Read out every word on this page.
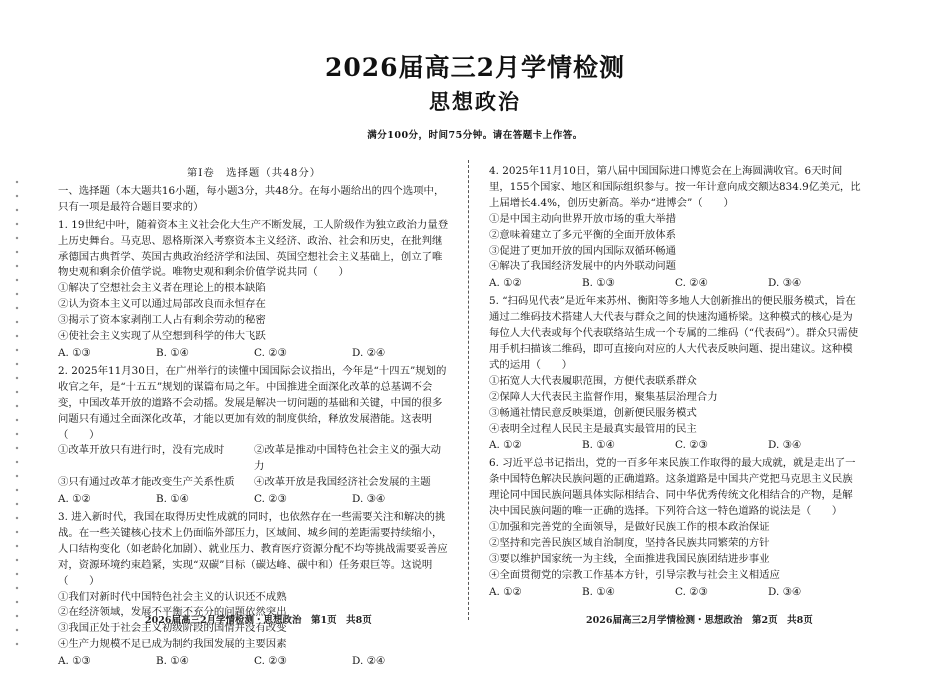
2026届高三2月学情检测
思想政治
满分100分，时间75分钟。请在答题卡上作答。
第Ⅰ卷　选择题（共48分）
一、选择题（本大题共16小题，每小题3分，共48分。在每小题给出的四个选项中，只有一项是最符合题目要求的）
1. 19世纪中叶，随着资本主义社会化大生产不断发展，工人阶级作为独立政治力量登上历史舞台。马克思、恩格斯深入考察资本主义经济、政治、社会和历史，在批判继承德国古典哲学、英国古典政治经济学和法国、英国空想社会主义基础上，创立了唯物史观和剩余价值学说。唯物史观和剩余价值学说共同（　　）
①解决了空想社会主义者在理论上的根本缺陷
②认为资本主义可以通过局部改良而永恒存在
③揭示了资本家剥削工人占有剩余劳动的秘密
④使社会主义实现了从空想到科学的伟大飞跃
A. ①③	B. ①④	C. ②③	D. ②④
2. 2025年11月30日，在广州举行的读懂中国国际会议指出，今年是“十四五”规划的收官之年，是“十五五”规划的谋篇布局之年。中国推进全面深化改革的总基调不会变，中国改革开放的道路不会动摇。发展是解决一切问题的基础和关键，中国的很多问题只有通过全面深化改革，才能以更加有效的制度供给，释放发展潜能。这表明（　　）
①改革开放只有进行时，没有完成时	②改革是推动中国特色社会主义的强大动力
③只有通过改革才能改变生产关系性质	④改革开放是我国经济社会发展的主题
A. ①②	B. ①④	C. ②③	D. ③④
3. 进入新时代，我国在取得历史性成就的同时，也依然存在一些需要关注和解决的挑战。在一些关键核心技术上仍面临外部压力，区域间、城乡间的差距需要持续缩小，人口结构变化（如老龄化加剧）、就业压力、教育医疗资源分配不均等挑战需要妥善应对，资源环境约束趋紧，实现“双碳”目标（碳达峰、碳中和）任务艰巨等。这说明（　　）
①我们对新时代中国特色社会主义的认识还不成熟
②在经济领域，发展不平衡不充分的问题依然突出
③我国正处于社会主义初级阶段的国情并没有改变
④生产力规模不足已成为制约我国发展的主要因素
A. ①③	B. ①④	C. ②③	D. ②④
4. 2025年11月10日，第八届中国国际进口博览会在上海圆满收官。6天时间里，155个国家、地区和国际组织参与。按一年计意向成交额达834.9亿美元，比上届增长4.4%，创历史新高。举办“进博会”（　　）
①是中国主动向世界开放市场的重大举措
②意味着建立了多元平衡的全面开放体系
③促进了更加开放的国内国际双循环畅通
④解决了我国经济发展中的内外联动问题
A. ①②	B. ①③	C. ②④	D. ③④
5. “扫码见代表”是近年来苏州、衡阳等多地人大创新推出的便民服务模式，旨在通过二维码技术搭建人大代表与群众之间的快速沟通桥梁。这种模式的核心是为每位人大代表或每个代表联络站生成一个专属的二维码（“代表码”）。群众只需使用手机扫描该二维码，即可直接向对应的人大代表反映问题、提出建议。这种模式的运用（　　）
①拓宽人大代表履职范围，方便代表联系群众
②保障人大代表民主监督作用，聚集基层治理合力
③畅通社情民意反映渠道，创新便民服务模式
④表明全过程人民民主是最真实最管用的民主
A. ①②	B. ①④	C. ②③	D. ③④
6. 习近平总书记指出，党的一百多年来民族工作取得的最大成就，就是走出了一条中国特色解决民族问题的正确道路。这条道路是中国共产党把马克思主义民族理论同中国民族问题具体实际相结合、同中华优秀传统文化相结合的产物，是解决中国民族问题的唯一正确的选择。下列符合这一特色道路的说法是（　　）
①加强和完善党的全面领导，是做好民族工作的根本政治保证
②坚持和完善民族区域自治制度，坚持各民族共同繁荣的方针
③要以维护国家统一为主线，全面推进我国民族团结进步事业
④全面贯彻党的宗教工作基本方针，引导宗教与社会主义相适应
A. ①②	B. ①④	C. ②③	D. ③④
2026届高三2月学情检测・思想政治　第1页　共8页	2026届高三2月学情检测・思想政治　第2页　共8页
